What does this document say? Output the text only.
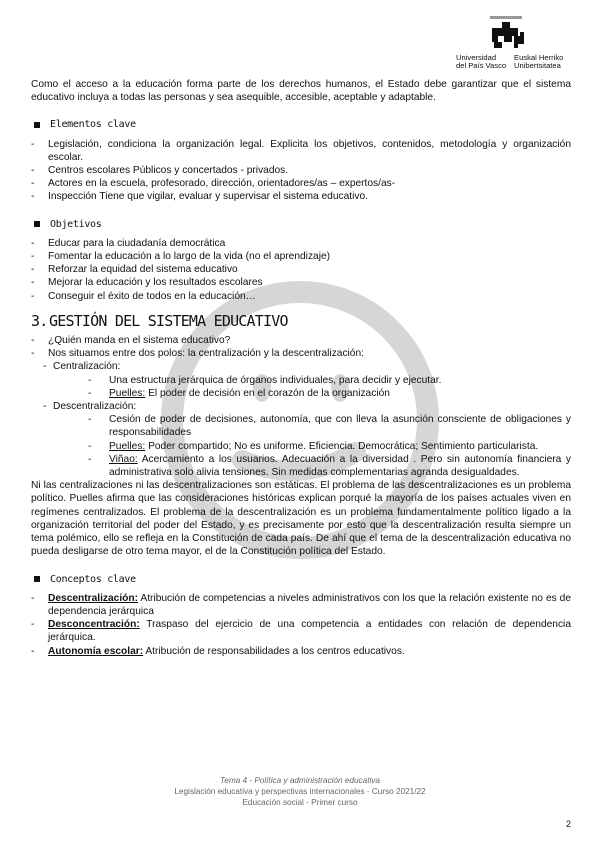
Universidad
del País Vasco
Euskal Herriko
Unibertsitatea

Como el acceso a la educación forma parte de los derechos humanos, el Estado debe garantizar que el sistema educativo incluya a todas las personas y sea asequible, accesible, aceptable y adaptable.

Elementos clave
- Legislación, condiciona la organización legal. Explicita los objetivos, contenidos, metodología y organización escolar.
- Centros escolares Públicos y concertados - privados.
- Actores en la escuela, profesorado, dirección, orientadores/as – expertos/as-
- Inspección Tiene que vigilar, evaluar y supervisar el sistema educativo.
Objetivos
- Educar para la ciudadanía democrática
- Fomentar la educación a lo largo de la vida (no el aprendizaje)
- Reforzar la equidad del sistema educativo
- Mejorar la educación y los resultados escolares
- Conseguir el éxito de todos en la educación…
3. GESTIÓN DEL SISTEMA EDUCATIVO
- ¿Quién manda en el sistema educativo?
- Nos situamos entre dos polos: la centralización y la descentralización:
- Centralización:
- Una estructura jerárquica de órganos individuales, para decidir y ejecutar.
- Puelles: El poder de decisión en el corazón de la organización
- Descentralización:
- Cesión de poder de decisiones, autonomía, que con lleva la asunción consciente de obligaciones y responsabilidades
- Puelles: Poder compartido; No es uniforme. Eficiencia. Democrática; Sentimiento particularista.
- Viñao: Acercamiento a los usuarios. Adecuación a la diversidad . Pero sin autonomía financiera y administrativa solo alivia tensiones. Sin medidas complementarias agranda desigualdades.

Ni las centralizaciones ni las descentralizaciones son estáticas. El problema de las descentralizaciones es un problema político. Puelles afirma que las consideraciones históricas explican porqué la mayoría de los países actuales viven en regímenes centralizados. El problema de la descentralización es un problema fundamentalmente político ligado a la organización territorial del poder del Estado, y es precisamente por esto que la descentralización resulta siempre un tema polémico, ello se refleja en la Constitución de cada país. De ahí que el tema de la descentralización educativa no pueda desligarse de otro tema mayor, el de la Constitución política del Estado.

Conceptos clave
- Descentralización: Atribución de competencias a niveles administrativos con los que la relación existente no es de dependencia jerárquica
- Desconcentración: Traspaso del ejercicio de una competencia a entidades con relación de dependencia jerárquica.
- Autonomía escolar: Atribución de responsabilidades a los centros educativos.
Tema 4 - Política y administración educativa
Legislación educativa y perspectivas internacionales - Curso 2021/22
Educación social - Primer curso
2
